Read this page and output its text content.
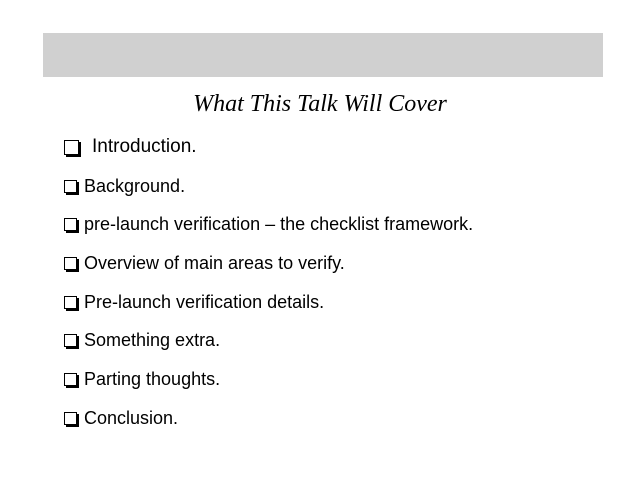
What This Talk Will Cover
Introduction.
Background.
pre-launch verification – the checklist framework.
Overview of main areas to verify.
Pre-launch verification details.
Something extra.
Parting thoughts.
Conclusion.
